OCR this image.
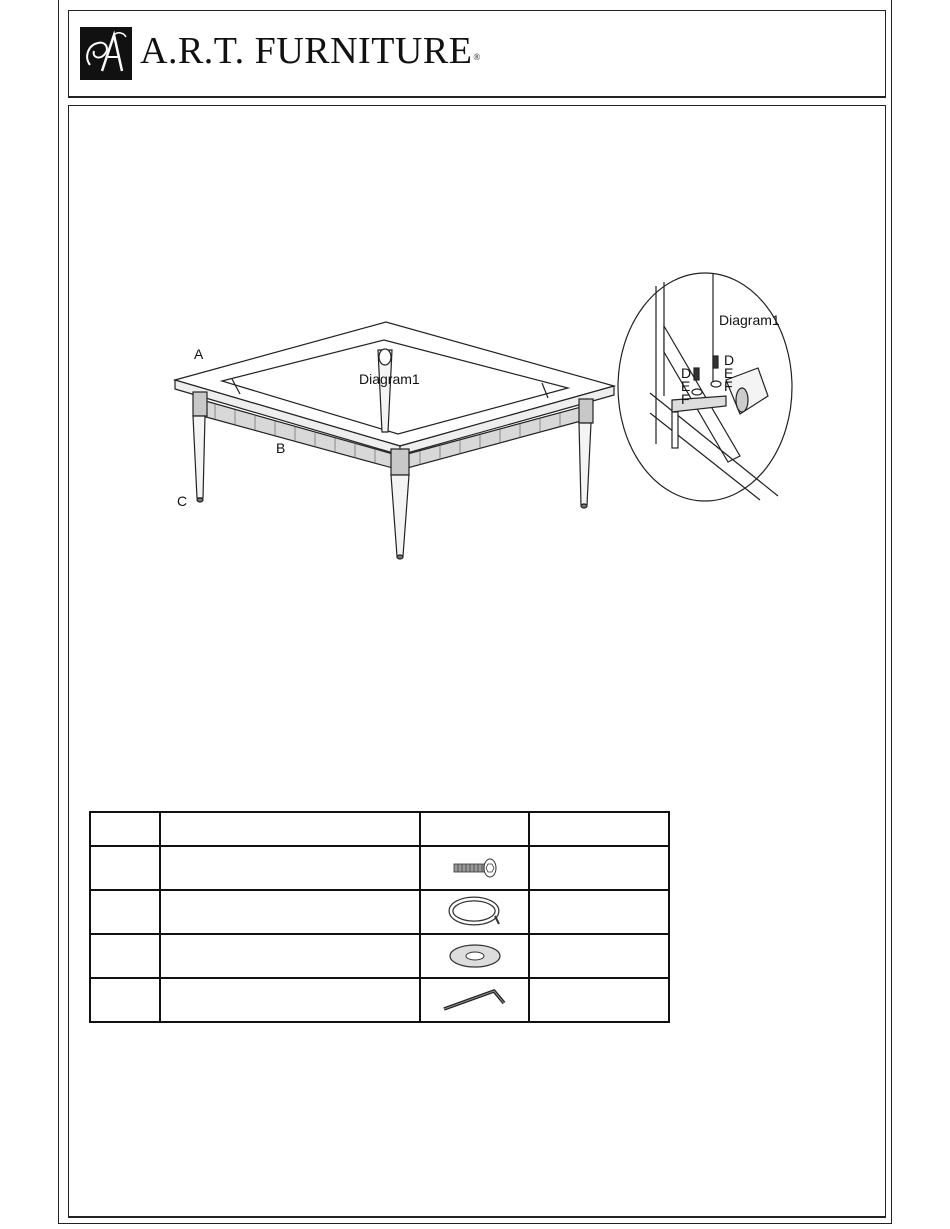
A.R.T. FURNITURE®
A
B
C
Diagram1
Diagram1
D
E
F
D
E
F
